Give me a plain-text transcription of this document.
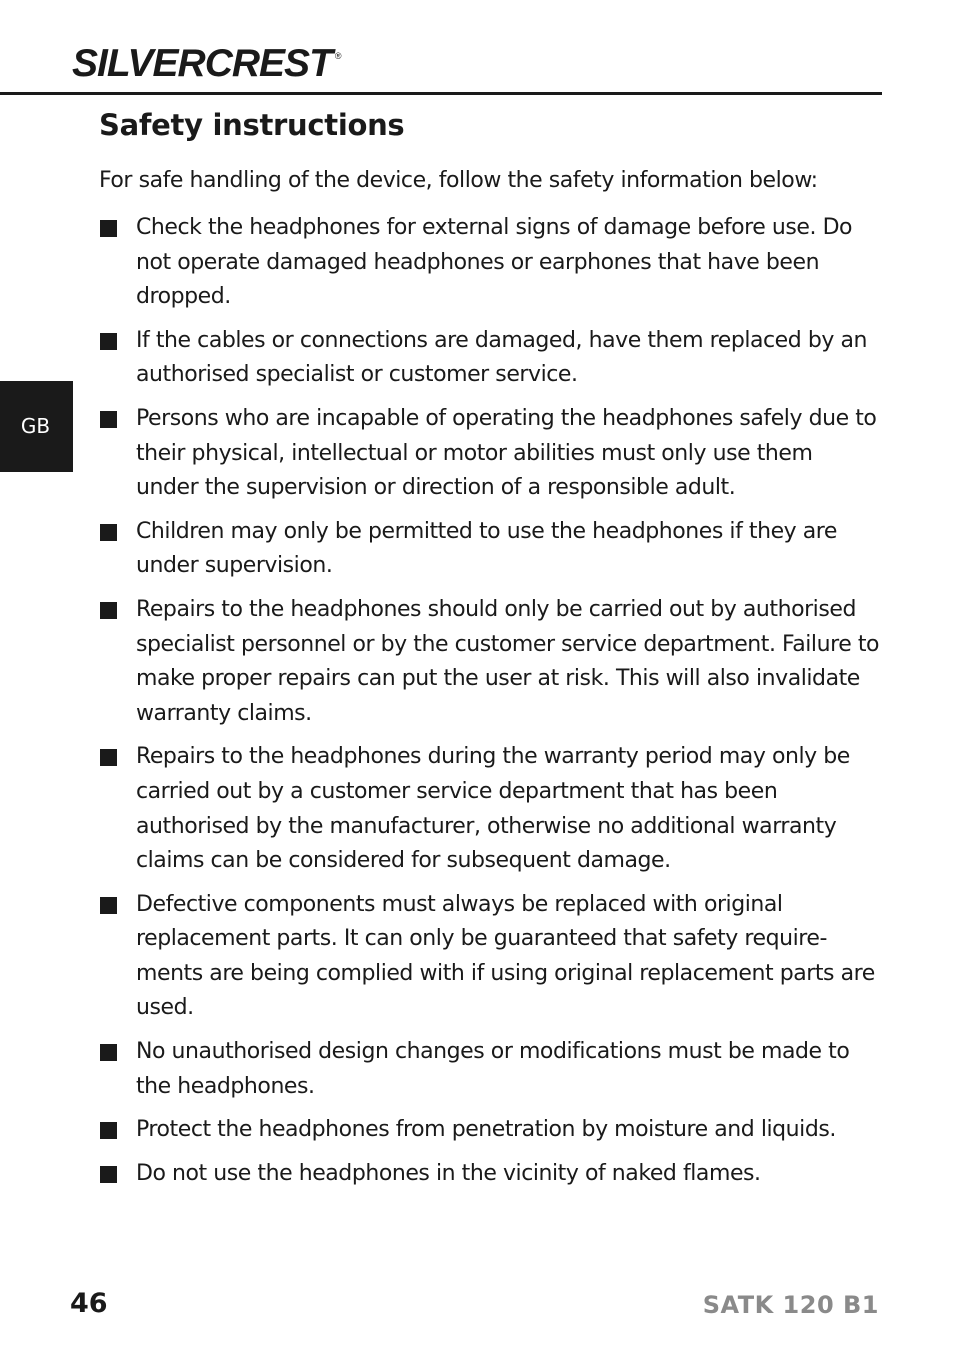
SILVERCREST ®
GB
Safety instructions

For safe handling of the device, follow the safety information below:

Check the headphones for external signs of damage before use. Do not operate damaged headphones or earphones that have been dropped.
If the cables or connections are damaged, have them replaced by an authorised specialist or customer service.
Persons who are incapable of operating the headphones safely due to their physical, intellectual or motor abilities must only use them under the supervision or direction of a responsible adult.
Children may only be permitted to use the headphones if they are under supervision.
Repairs to the headphones should only be carried out by authorised specialist personnel or by the customer service department. Failure to make proper repairs can put the user at risk. This will also invalidate warranty claims.
Repairs to the headphones during the warranty period may only be carried out by a customer service department that has been authorised by the manufacturer, otherwise no additional warranty claims can be considered for subsequent damage.
Defective components must always be replaced with original replacement parts. It can only be guaranteed that safety requirements are being complied with if using original replacement parts are used.
No unauthorised design changes or modifications must be made to the headphones.
Protect the headphones from penetration by moisture and liquids.
Do not use the headphones in the vicinity of naked flames.
46	SATK 120 B1
